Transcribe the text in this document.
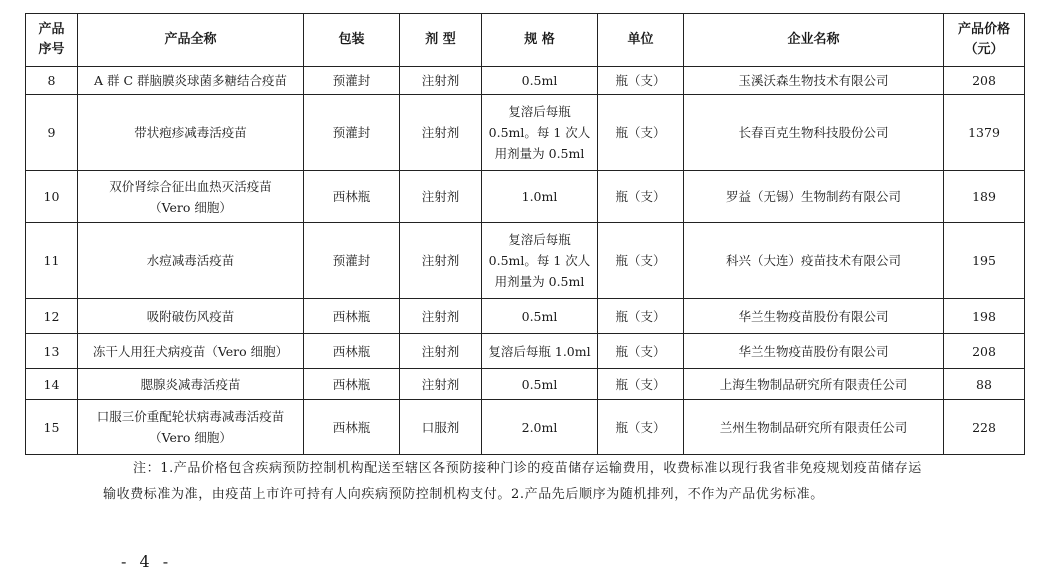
产品 序号	产品全称	包装	剂 型	规 格	单位	企业名称	产品价格 （元）
8	A 群 C 群脑膜炎球菌多糖结合疫苗	预灌封	注射剂	0.5ml	瓶（支）	玉溪沃森生物技术有限公司	208
9	带状疱疹减毒活疫苗	预灌封	注射剂	复溶后每瓶
0.5ml。每 1 次人
用剂量为 0.5ml	瓶（支）	长春百克生物科技股份公司	1379
10	双价肾综合征出血热灭活疫苗
（Vero 细胞）	西林瓶	注射剂	1.0ml	瓶（支）	罗益（无锡）生物制药有限公司	189
11	水痘减毒活疫苗	预灌封	注射剂	复溶后每瓶
0.5ml。每 1 次人
用剂量为 0.5ml	瓶（支）	科兴（大连）疫苗技术有限公司	195
12	吸附破伤风疫苗	西林瓶	注射剂	0.5ml	瓶（支）	华兰生物疫苗股份有限公司	198
13	冻干人用狂犬病疫苗（Vero 细胞）	西林瓶	注射剂	复溶后每瓶 1.0ml	瓶（支）	华兰生物疫苗股份有限公司	208
14	腮腺炎减毒活疫苗	西林瓶	注射剂	0.5ml	瓶（支）	上海生物制品研究所有限责任公司	88
15	口服三价重配轮状病毒减毒活疫苗
（Vero 细胞）	西林瓶	口服剂	2.0ml	瓶（支）	兰州生物制品研究所有限责任公司	228

注：1.产品价格包含疾病预防控制机构配送至辖区各预防接种门诊的疫苗储存运输费用，收费标准以现行我省非免疫规划疫苗储存运输收费标准为准，由疫苗上市许可持有人向疾病预防控制机构支付。2.产品先后顺序为随机排列，不作为产品优劣标准。

- 4 -
